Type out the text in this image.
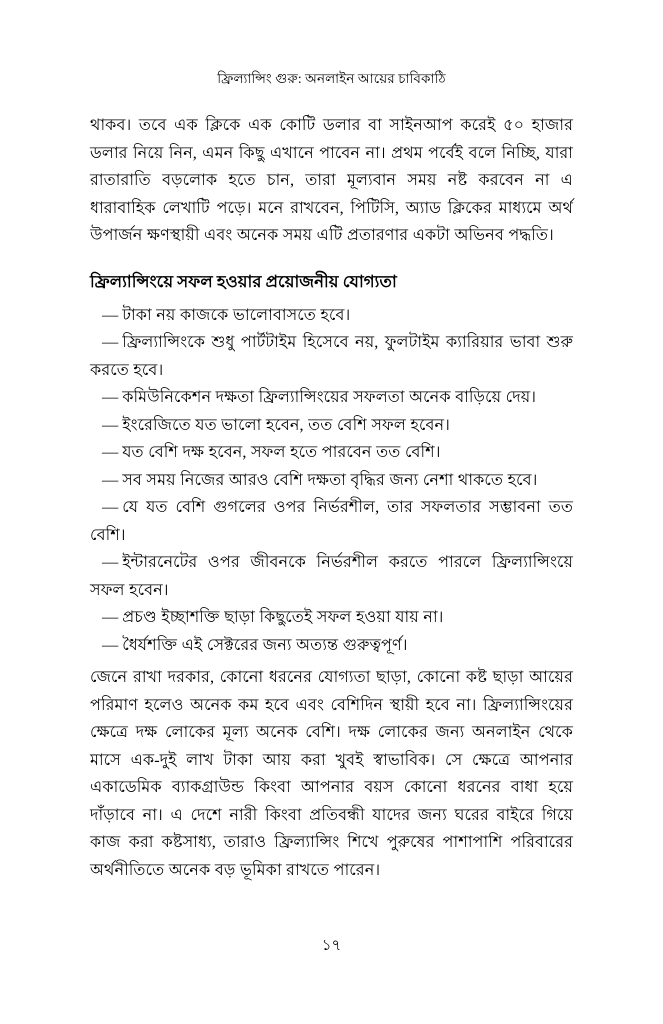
ফ্রিল্যান্সিং গুরু: অনলাইন আয়ের চাবিকাঠি

থাকব। তবে এক ক্লিকে এক কোটি ডলার বা সাইনআপ করেই ৫০ হাজার ডলার নিয়ে নিন, এমন কিছু এখানে পাবেন না। প্রথম পর্বেই বলে নিচ্ছি, যারা রাতারাতি বড়লোক হতে চান, তারা মূল্যবান সময় নষ্ট করবেন না এ ধারাবাহিক লেখাটি পড়ে। মনে রাখবেন, পিটিসি, অ্যাড ক্লিকের মাধ্যমে অর্থ উপার্জন ক্ষণস্থায়ী এবং অনেক সময় এটি প্রতারণার একটা অভিনব পদ্ধতি।

ফ্রিল্যান্সিংয়ে সফল হওয়ার প্রয়োজনীয় যোগ্যতা
— টাকা নয় কাজকে ভালোবাসতে হবে।
— ফ্রিল্যান্সিংকে শুধু পার্টটাইম হিসেবে নয়, ফুলটাইম ক্যারিয়ার ভাবা শুরু করতে হবে।
— কমিউনিকেশন দক্ষতা ফ্রিল্যান্সিংয়ের সফলতা অনেক বাড়িয়ে দেয়।
— ইংরেজিতে যত ভালো হবেন, তত বেশি সফল হবেন।
— যত বেশি দক্ষ হবেন, সফল হতে পারবেন তত বেশি।
— সব সময় নিজের আরও বেশি দক্ষতা বৃদ্ধির জন্য নেশা থাকতে হবে।
— যে যত বেশি গুগলের ওপর নির্ভরশীল, তার সফলতার সম্ভাবনা তত বেশি।
— ইন্টারনেটের ওপর জীবনকে নির্ভরশীল করতে পারলে ফ্রিল্যান্সিংয়ে সফল হবেন।
— প্রচণ্ড ইচ্ছাশক্তি ছাড়া কিছুতেই সফল হওয়া যায় না।
— ধৈর্যশক্তি এই সেক্টরের জন্য অত্যন্ত গুরুত্বপূর্ণ।

জেনে রাখা দরকার, কোনো ধরনের যোগ্যতা ছাড়া, কোনো কষ্ট ছাড়া আয়ের পরিমাণ হলেও অনেক কম হবে এবং বেশিদিন স্থায়ী হবে না। ফ্রিল্যান্সিংয়ের ক্ষেত্রে দক্ষ লোকের মূল্য অনেক বেশি। দক্ষ লোকের জন্য অনলাইন থেকে মাসে এক-দুই লাখ টাকা আয় করা খুবই স্বাভাবিক। সে ক্ষেত্রে আপনার একাডেমিক ব্যাকগ্রাউন্ড কিংবা আপনার বয়স কোনো ধরনের বাধা হয়ে দাঁড়াবে না। এ দেশে নারী কিংবা প্রতিবন্ধী যাদের জন্য ঘরের বাইরে গিয়ে কাজ করা কষ্টসাধ্য, তারাও ফ্রিল্যান্সিং শিখে পুরুষের পাশাপাশি পরিবারের অর্থনীতিতে অনেক বড় ভূমিকা রাখতে পারেন।

১৭
